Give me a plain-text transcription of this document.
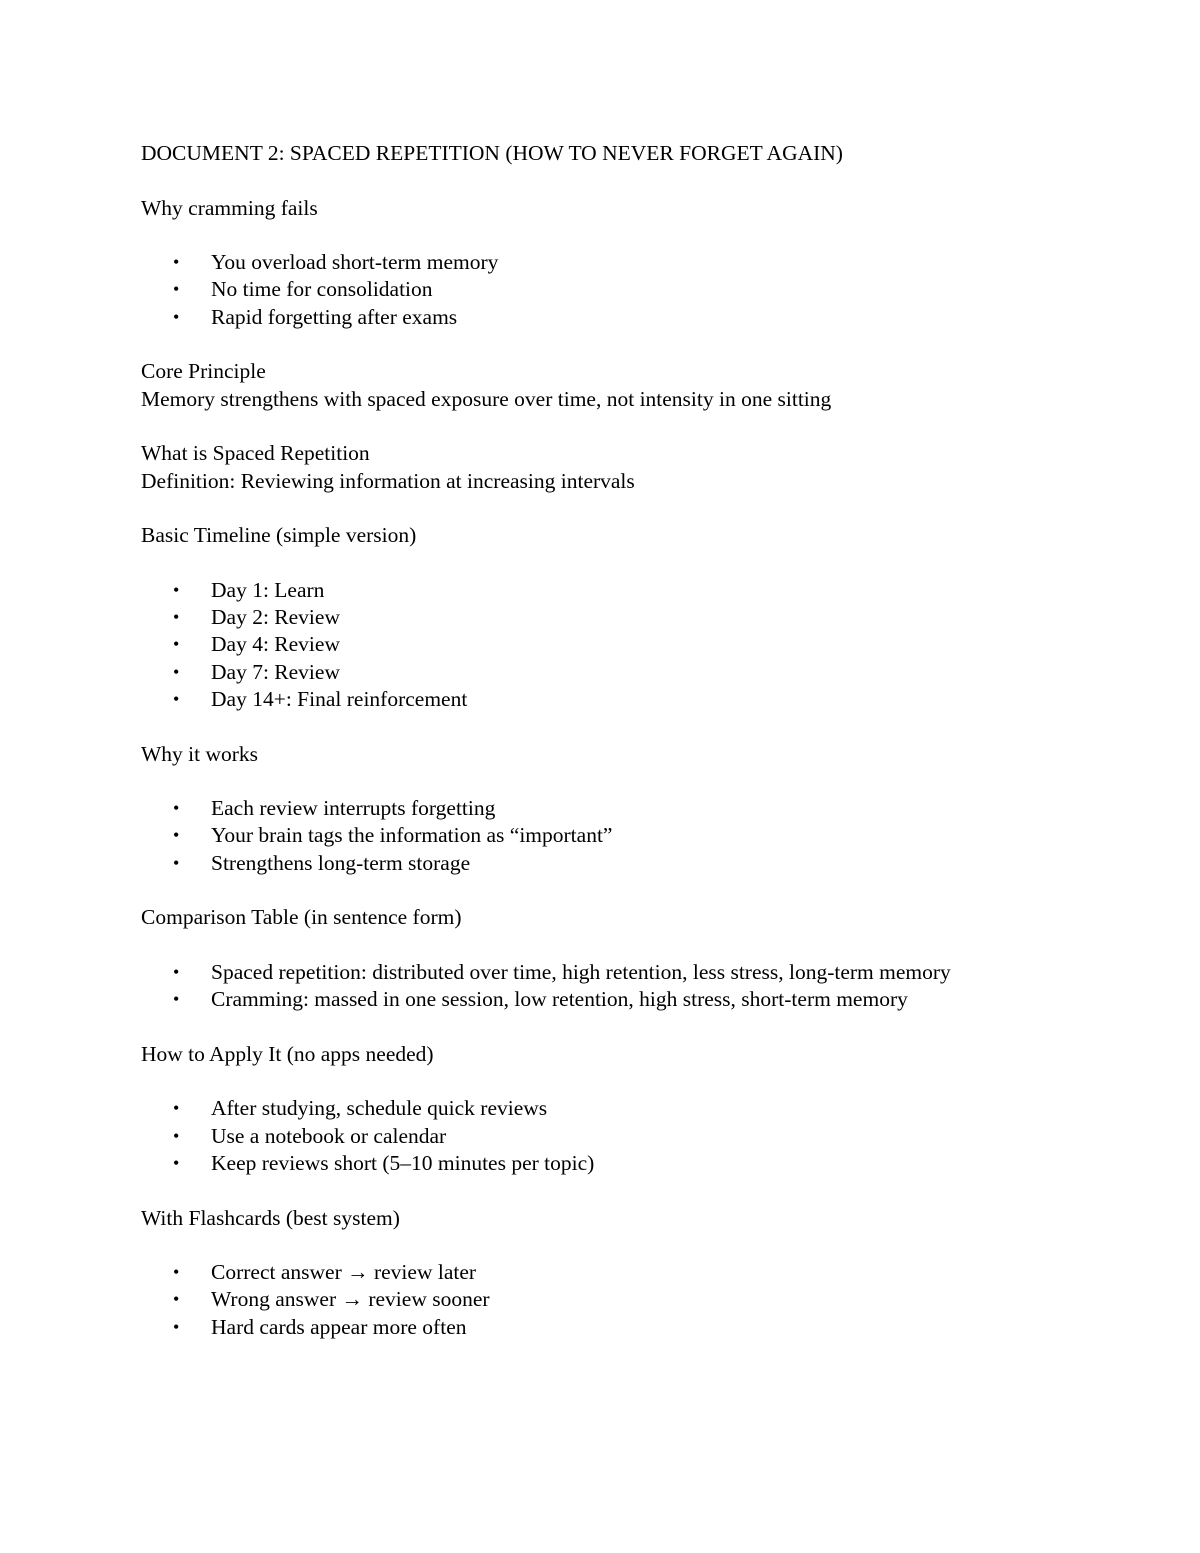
DOCUMENT 2: SPACED REPETITION (HOW TO NEVER FORGET AGAIN)

Why cramming fails

• You overload short-term memory
• No time for consolidation
• Rapid forgetting after exams

Core Principle

Memory strengthens with spaced exposure over time, not intensity in one sitting

What is Spaced Repetition

Definition: Reviewing information at increasing intervals

Basic Timeline (simple version)

• Day 1: Learn
• Day 2: Review
• Day 4: Review
• Day 7: Review
• Day 14+: Final reinforcement

Why it works

• Each review interrupts forgetting
• Your brain tags the information as “important”
• Strengthens long-term storage

Comparison Table (in sentence form)

• Spaced repetition: distributed over time, high retention, less stress, long-term memory
• Cramming: massed in one session, low retention, high stress, short-term memory

How to Apply It (no apps needed)

• After studying, schedule quick reviews
• Use a notebook or calendar
• Keep reviews short (5–10 minutes per topic)

With Flashcards (best system)

• Correct answer → review later
• Wrong answer → review sooner
• Hard cards appear more often
